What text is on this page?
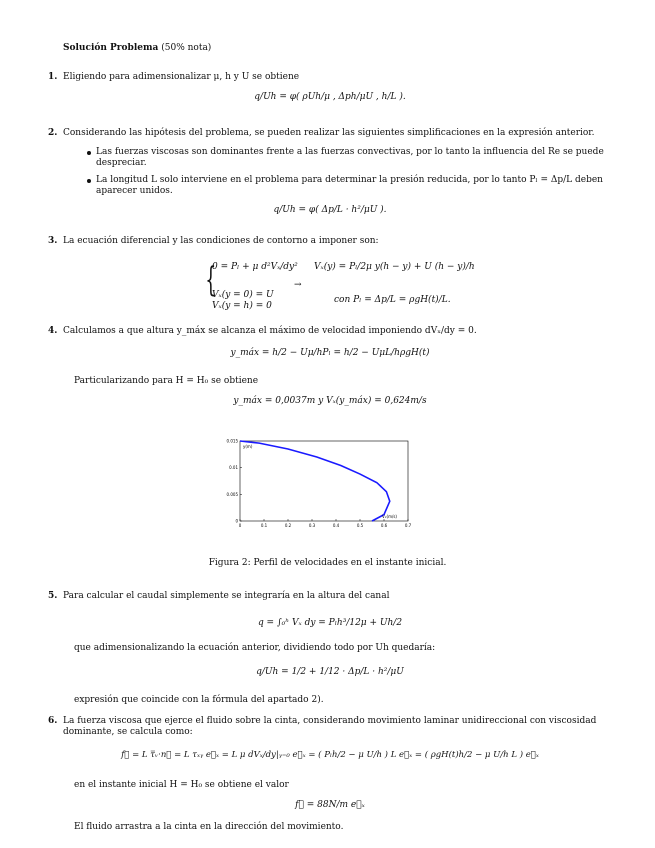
Solución Problema (50% nota)
1. Eligiendo para adimensionalizar μ, h y U se obtiene
q/Uh = φ( ρUh/μ , Δph/μU , h/L ).
2. Considerando las hipótesis del problema, se pueden realizar las siguientes simplificaciones en la expresión anterior.
Las fuerzas viscosas son dominantes frente a las fuerzas convectivas, por lo tanto la influencia del Re se puede despreciar.
La longitud L solo interviene en el problema para determinar la presión reducida, por lo tanto Pₗ = Δp/L deben aparecer unidos.
q/Uh = φ( Δp/L · h²/μU ).
3. La ecuación diferencial y las condiciones de contorno a imponer son:
{
0 = Pₗ + μ d²Vₓ/dy²
Vₓ(y = 0) = U
Vₓ(y = h) = 0
→
Vₓ(y) = Pₗ/2μ y(h − y) + U (h − y)/h
con Pₗ = Δp/L = ρgH(t)/L.
4. Calculamos a que altura y_máx se alcanza el máximo de velocidad imponiendo dVₓ/dy = 0.
y_máx = h/2 − Uμ/hPₗ = h/2 − UμL/hρgH(t)
Particularizando para H = H₀ se obtiene
y_máx = 0,0037m y Vₓ(y_máx) = 0,624m/s
0	0.1	0.2	0.3	0.4	0.5	0.6	0.7
0
0.005
0.01
0.015
y(m)
Vₓ(m/s)
Figura 2: Perfil de velocidades en el instante inicial.
5. Para calcular el caudal simplemente se integraría en la altura del canal
q = ∫₀ʰ Vₓ dy = Pₗh³/12μ + Uh/2
que adimensionalizando la ecuación anterior, dividiendo todo por Uh quedaría:
q/Uh = 1/2 + 1/12 · Δp/L · h²/μU
expresión que coincide con la fórmula del apartado 2).
6. La fuerza viscosa que ejerce el fluido sobre la cinta, considerando movimiento laminar unidireccional con viscosidad dominante, se calcula como:
f⃗ = L τ̿ᵥ·n⃗ = L τₓᵧ e⃗ₓ = L μ dVₓ/dy|ᵧ₌₀ e⃗ₓ = ( Pₗh/2 − μ U/h ) L e⃗ₓ = ( ρgH(t)h/2 − μ U/h L ) e⃗ₓ
en el instante inicial H = H₀ se obtiene el valor
f⃗ = 88N/m e⃗ₓ
El fluido arrastra a la cinta en la dirección del movimiento.
